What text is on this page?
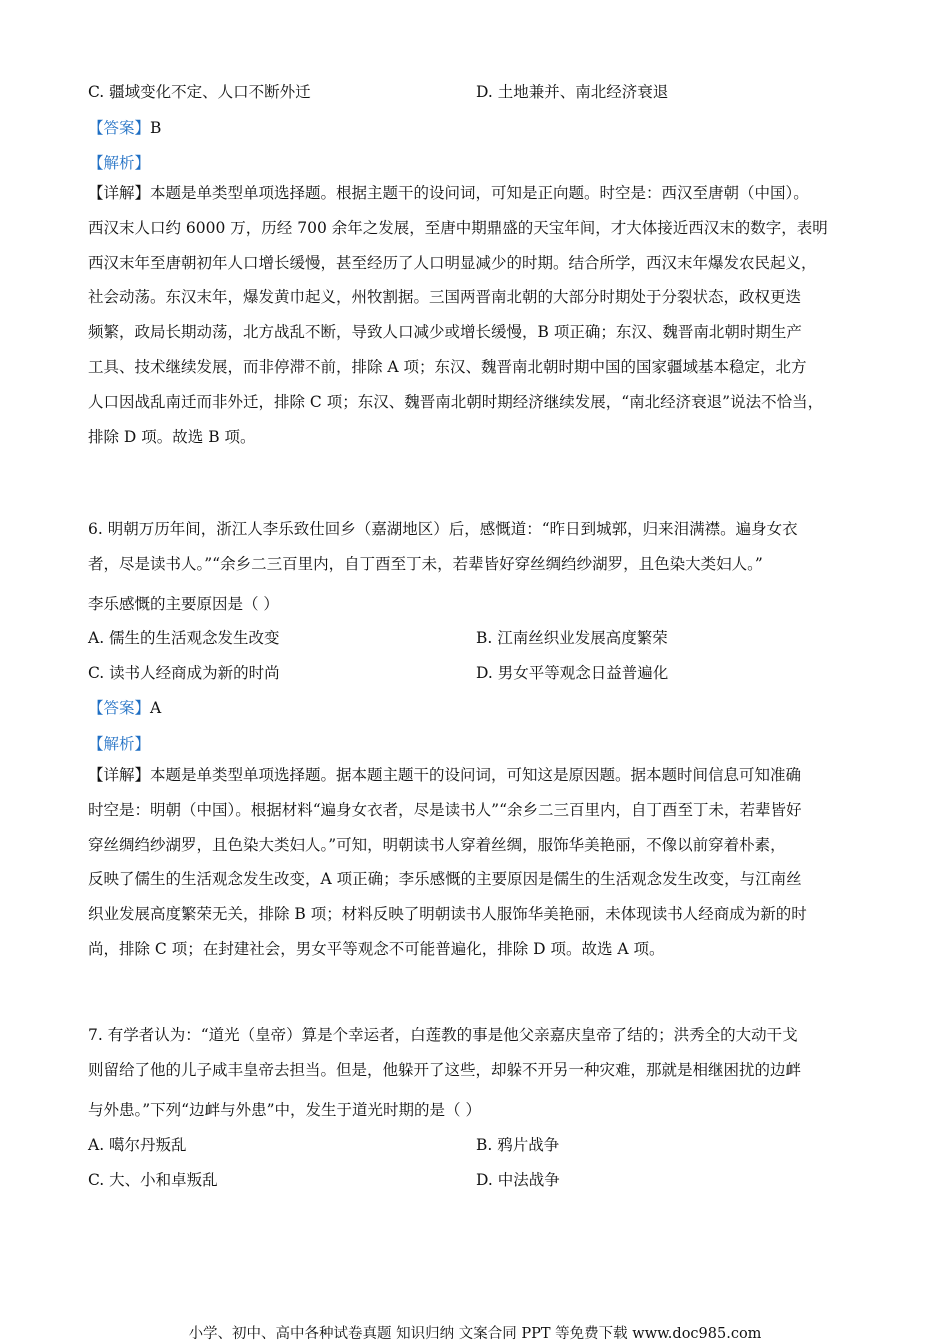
C. 疆域变化不定、人口不断外迁	D. 土地兼并、南北经济衰退
【答案】B
【解析】
【详解】本题是单类型单项选择题。根据主题干的设问词，可知是正向题。时空是：西汉至唐朝（中国）。
西汉末人口约 6000 万，历经 700 余年之发展，至唐中期鼎盛的天宝年间，才大体接近西汉末的数字，表明
西汉末年至唐朝初年人口增长缓慢，甚至经历了人口明显减少的时期。结合所学，西汉末年爆发农民起义，
社会动荡。东汉末年，爆发黄巾起义，州牧割据。三国两晋南北朝的大部分时期处于分裂状态，政权更迭
频繁，政局长期动荡，北方战乱不断，导致人口减少或增长缓慢，B 项正确；东汉、魏晋南北朝时期生产
工具、技术继续发展，而非停滞不前，排除 A 项；东汉、魏晋南北朝时期中国的国家疆域基本稳定，北方
人口因战乱南迁而非外迁，排除 C 项；东汉、魏晋南北朝时期经济继续发展，“南北经济衰退”说法不恰当，
排除 D 项。故选 B 项。
6. 明朝万历年间，浙江人李乐致仕回乡（嘉湖地区）后，感慨道：“昨日到城郭，归来泪满襟。遍身女衣
者，尽是读书人。”“余乡二三百里内，自丁酉至丁未，若辈皆好穿丝绸绉纱湖罗，且色染大类妇人。”
李乐感慨的主要原因是（ ）
A. 儒生的生活观念发生改变	B. 江南丝织业发展高度繁荣
C. 读书人经商成为新的时尚	D. 男女平等观念日益普遍化
【答案】A
【解析】
【详解】本题是单类型单项选择题。据本题主题干的设问词，可知这是原因题。据本题时间信息可知准确
时空是：明朝（中国）。根据材料“遍身女衣者，尽是读书人”“余乡二三百里内，自丁酉至丁未，若辈皆好
穿丝绸绉纱湖罗，且色染大类妇人。”可知，明朝读书人穿着丝绸，服饰华美艳丽，不像以前穿着朴素，
反映了儒生的生活观念发生改变，A 项正确；李乐感慨的主要原因是儒生的生活观念发生改变，与江南丝
织业发展高度繁荣无关，排除 B 项；材料反映了明朝读书人服饰华美艳丽，未体现读书人经商成为新的时
尚，排除 C 项；在封建社会，男女平等观念不可能普遍化，排除 D 项。故选 A 项。
7. 有学者认为：“道光（皇帝）算是个幸运者，白莲教的事是他父亲嘉庆皇帝了结的；洪秀全的大动干戈
则留给了他的儿子咸丰皇帝去担当。但是，他躲开了这些，却躲不开另一种灾难，那就是相继困扰的边衅
与外患。”下列“边衅与外患”中，发生于道光时期的是（ ）
A. 噶尔丹叛乱	B. 鸦片战争
C. 大、小和卓叛乱	D. 中法战争
小学、初中、高中各种试卷真题 知识归纳 文案合同 PPT 等免费下载 www.doc985.com
